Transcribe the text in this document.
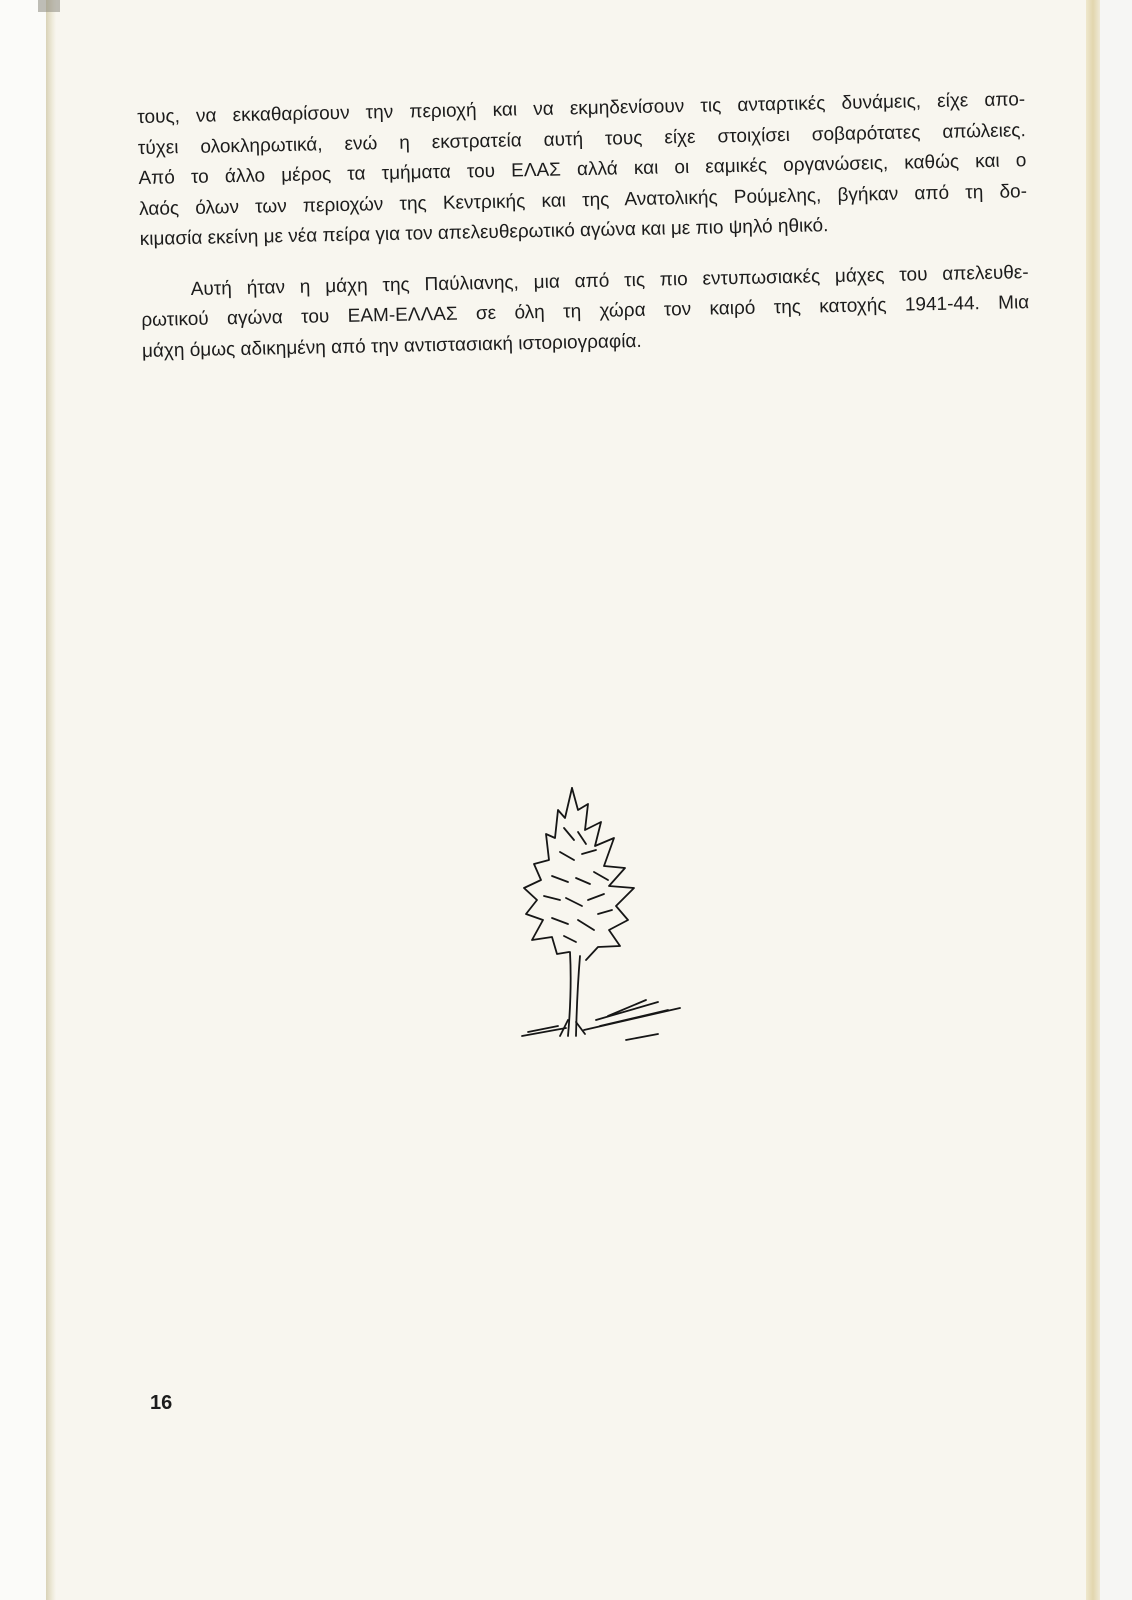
τους, να εκκαθαρίσουν την περιοχή και να εκμηδενίσουν τις ανταρτικές δυνάμεις, είχε απο-
τύχει ολοκληρωτικά, ενώ η εκστρατεία αυτή τους είχε στοιχίσει σοβαρότατες απώλειες.
Από το άλλο μέρος τα τμήματα του ΕΛΑΣ αλλά και οι εαμικές οργανώσεις, καθώς και ο
λαός όλων των περιοχών της Κεντρικής και της Ανατολικής Ρούμελης, βγήκαν από τη δο-
κιμασία εκείνη με νέα πείρα για τον απελευθερωτικό αγώνα και με πιο ψηλό ηθικό.
Αυτή ήταν η μάχη της Παύλιανης, μια από τις πιο εντυπωσιακές μάχες του απελευθε-
ρωτικού αγώνα του ΕΑΜ-ΕΛΛΑΣ σε όλη τη χώρα τον καιρό της κατοχής 1941-44. Μια
μάχη όμως αδικημένη από την αντιστασιακή ιστοριογραφία.
16
